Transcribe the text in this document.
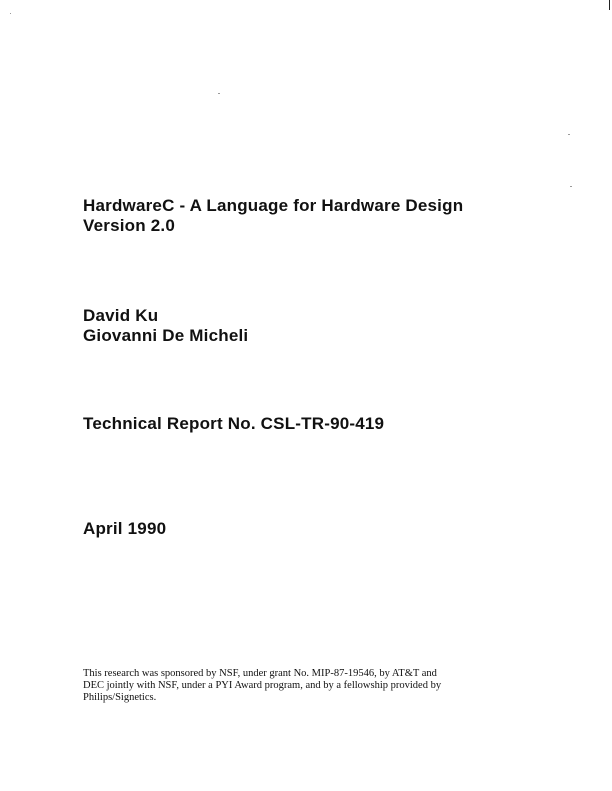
HardwareC - A Language for Hardware Design
Version 2.0
David Ku
Giovanni De Micheli
Technical Report No. CSL-TR-90-419
April 1990

This research was sponsored by NSF, under grant No. MIP-87-19546, by AT&T and
DEC jointly with NSF, under a PYI Award program, and by a fellowship provided by
Philips/Signetics.
